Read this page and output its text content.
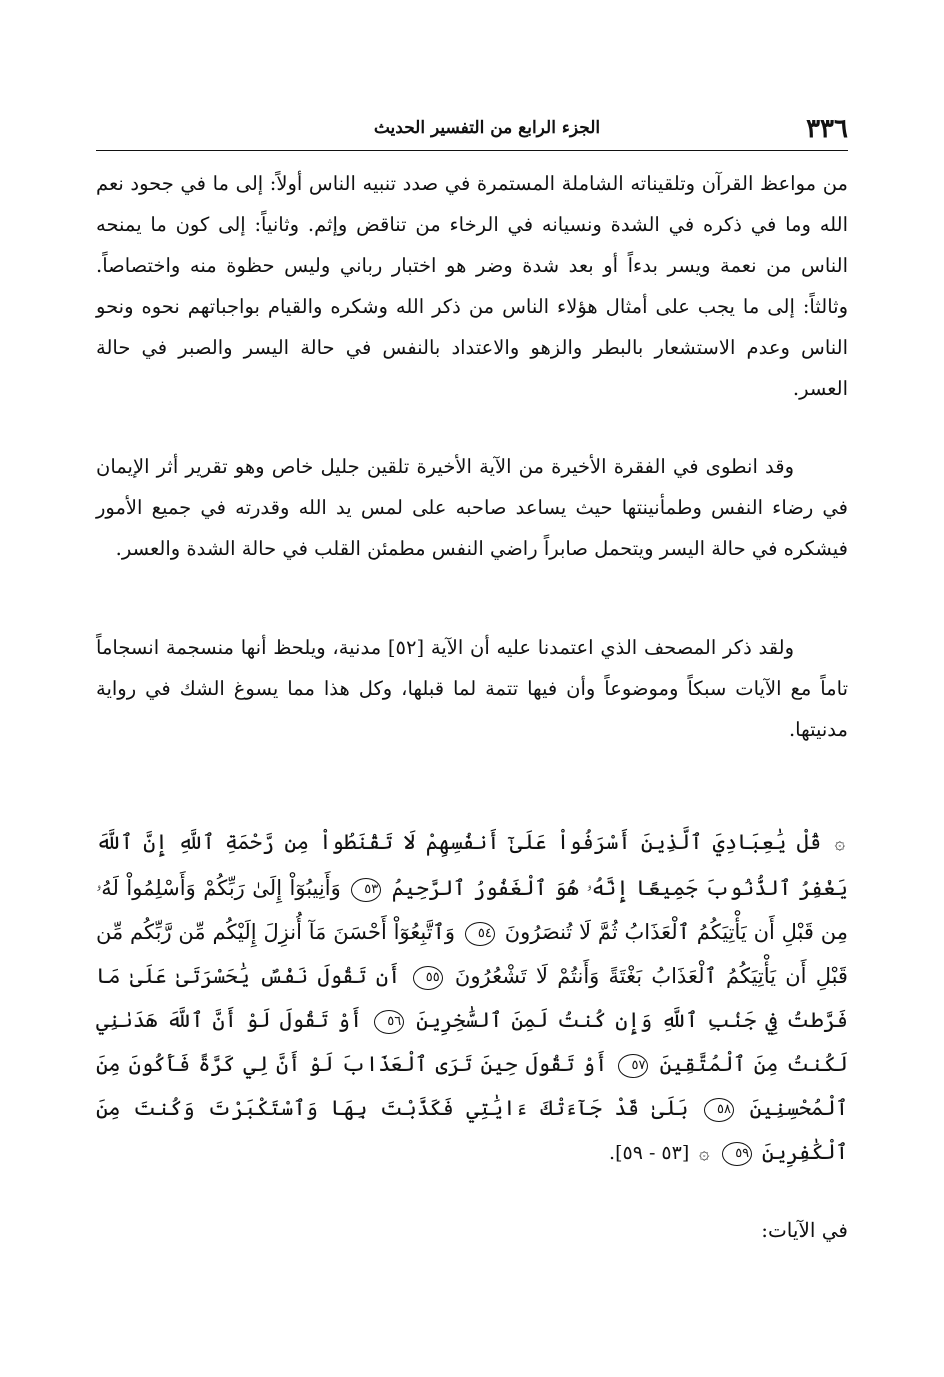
٣٣٦
الجزء الرابع من التفسير الحديث

من مواعظ القرآن وتلقيناته الشاملة المستمرة في صدد تنبيه الناس أولاً: إلى ما في جحود نعم الله وما في ذكره في الشدة ونسيانه في الرخاء من تناقض وإثم. وثانياً: إلى كون ما يمنحه الناس من نعمة ويسر بدءاً أو بعد شدة وضر هو اختبار رباني وليس حظوة منه واختصاصاً. وثالثاً: إلى ما يجب على أمثال هؤلاء الناس من ذكر الله وشكره والقيام بواجباتهم نحوه ونحو الناس وعدم الاستشعار بالبطر والزهو والاعتداد بالنفس في حالة اليسر والصبر في حالة العسر.

وقد انطوى في الفقرة الأخيرة من الآية الأخيرة تلقين جليل خاص وهو تقرير أثر الإيمان في رضاء النفس وطمأنينتها حيث يساعد صاحبه على لمس يد الله وقدرته في جميع الأمور فيشكره في حالة اليسر ويتحمل صابراً راضي النفس مطمئن القلب في حالة الشدة والعسر.

ولقد ذكر المصحف الذي اعتمدنا عليه أن الآية [٥٢] مدنية، ويلحظ أنها منسجمة انسجاماً تاماً مع الآيات سبكاً وموضوعاً وأن فيها تتمة لما قبلها، وكل هذا مما يسوغ الشك في رواية مدنيتها.

۞ قُلْ يَٰعِبَادِيَ ٱلَّذِينَ أَسْرَفُواْ عَلَىٰٓ أَنفُسِهِمْ لَا تَقْنَطُواْ مِن رَّحْمَةِ ٱللَّهِ إِنَّ ٱللَّهَ يَغْفِرُ ٱلذُّنُوبَ جَمِيعًا إِنَّهُۥ هُوَ ٱلْغَفُورُ ٱلرَّحِيمُ ٥٣ وَأَنِيبُوٓاْ إِلَىٰ رَبِّكُمْ وَأَسْلِمُواْ لَهُۥ مِن قَبْلِ أَن يَأْتِيَكُمُ ٱلْعَذَابُ ثُمَّ لَا تُنصَرُونَ ٥٤ وَٱتَّبِعُوٓاْ أَحْسَنَ مَآ أُنزِلَ إِلَيْكُم مِّن رَّبِّكُم مِّن قَبْلِ أَن يَأْتِيَكُمُ ٱلْعَذَابُ بَغْتَةً وَأَنتُمْ لَا تَشْعُرُونَ ٥٥ أَن تَقُولَ نَفْسٌ يَٰحَسْرَتَىٰ عَلَىٰ مَا فَرَّطتُ فِي جَنۢبِ ٱللَّهِ وَإِن كُنتُ لَمِنَ ٱلسَّٰخِرِينَ ٥٦ أَوْ تَقُولَ لَوْ أَنَّ ٱللَّهَ هَدَىٰنِي لَكُنتُ مِنَ ٱلْمُتَّقِينَ ٥٧ أَوْ تَقُولَ حِينَ تَرَى ٱلْعَذَابَ لَوْ أَنَّ لِي كَرَّةً فَأَكُونَ مِنَ ٱلْمُحْسِنِينَ ٥٨ بَلَىٰ قَدْ جَآءَتْكَ ءَايَٰتِي فَكَذَّبْتَ بِهَا وَٱسْتَكْبَرْتَ وَكُنتَ مِنَ ٱلْكَٰفِرِينَ ٥٩ ۞ [٥٣ - ٥٩].

في الآيات:
